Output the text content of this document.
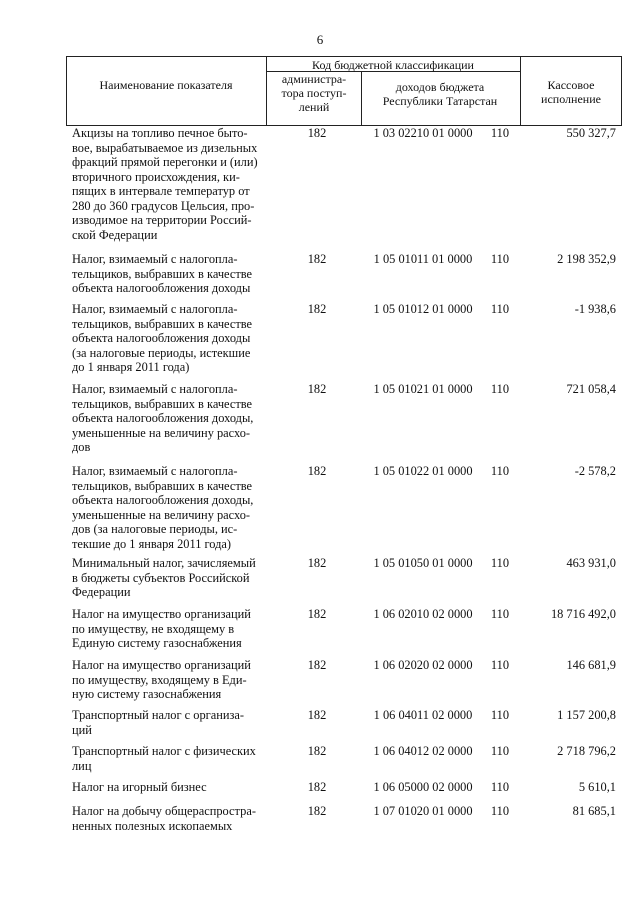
6
Наименование показателя
Код бюджетной классификации
администра-
тора поступ-
лений
доходов бюджета
Республики Татарстан
Кассовое
исполнение
Акцизы на топливо печное быто-
вое, вырабатываемое из дизельных
фракций прямой перегонки и (или)
вторичного происхождения, ки-
пящих в интервале температур от
280 до 360 градусов Цельсия, про-
изводимое на территории Россий-
ской Федерации
182	1 03 02210 01 0000	110	550 327,7
Налог, взимаемый с налогопла-
тельщиков, выбравших в качестве
объекта налогообложения доходы
182	1 05 01011 01 0000	110	2 198 352,9
Налог, взимаемый с налогопла-
тельщиков, выбравших в качестве
объекта налогообложения доходы
(за налоговые периоды, истекшие
до 1 января 2011 года)
182	1 05 01012 01 0000	110	-1 938,6
Налог, взимаемый с налогопла-
тельщиков, выбравших в качестве
объекта налогообложения доходы,
уменьшенные на величину расхо-
дов
182	1 05 01021 01 0000	110	721 058,4
Налог, взимаемый с налогопла-
тельщиков, выбравших в качестве
объекта налогообложения доходы,
уменьшенные на величину расхо-
дов (за налоговые периоды, ис-
текшие до 1 января 2011 года)
182	1 05 01022 01 0000	110	-2 578,2
Минимальный налог, зачисляемый
в бюджеты субъектов Российской
Федерации
182	1 05 01050 01 0000	110	463 931,0
Налог на имущество организаций
по имуществу, не входящему в
Единую систему газоснабжения
182	1 06 02010 02 0000	110	18 716 492,0
Налог на имущество организаций
по имуществу, входящему в Еди-
ную систему газоснабжения
182	1 06 02020 02 0000	110	146 681,9
Транспортный налог с организа-
ций
182	1 06 04011 02 0000	110	1 157 200,8
Транспортный налог с физических
лиц
182	1 06 04012 02 0000	110	2 718 796,2
Налог на игорный бизнес	182	1 06 05000 02 0000	110	5 610,1
Налог на добычу общераспростра-
ненных полезных ископаемых
182	1 07 01020 01 0000	110	81 685,1
